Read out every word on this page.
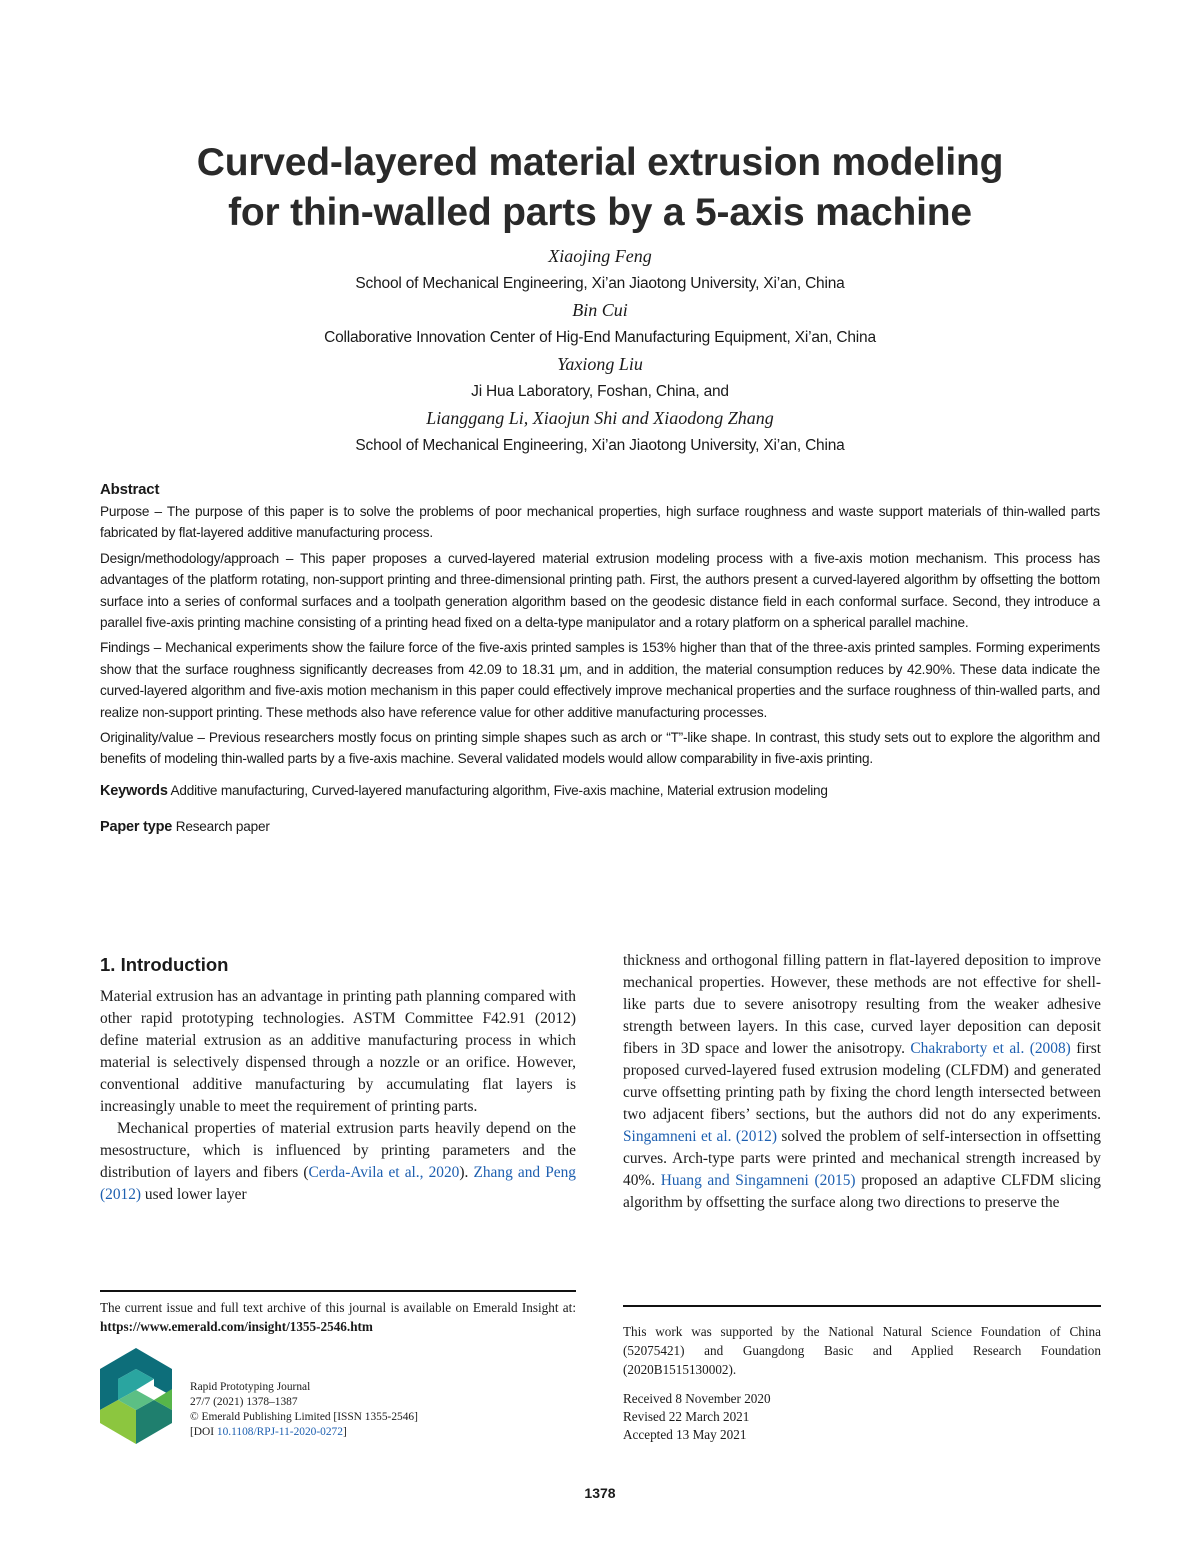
Curved-layered material extrusion modeling
for thin-walled parts by a 5-axis machine
Xiaojing Feng
School of Mechanical Engineering, Xi’an Jiaotong University, Xi’an, China
Bin Cui
Collaborative Innovation Center of Hig-End Manufacturing Equipment, Xi’an, China
Yaxiong Liu
Ji Hua Laboratory, Foshan, China, and
Lianggang Li, Xiaojun Shi and Xiaodong Zhang
School of Mechanical Engineering, Xi’an Jiaotong University, Xi’an, China
Abstract

Purpose – The purpose of this paper is to solve the problems of poor mechanical properties, high surface roughness and waste support materials of thin-walled parts fabricated by flat-layered additive manufacturing process.

Design/methodology/approach – This paper proposes a curved-layered material extrusion modeling process with a five-axis motion mechanism. This process has advantages of the platform rotating, non-support printing and three-dimensional printing path. First, the authors present a curved-layered algorithm by offsetting the bottom surface into a series of conformal surfaces and a toolpath generation algorithm based on the geodesic distance field in each conformal surface. Second, they introduce a parallel five-axis printing machine consisting of a printing head fixed on a delta-type manipulator and a rotary platform on a spherical parallel machine.

Findings – Mechanical experiments show the failure force of the five-axis printed samples is 153% higher than that of the three-axis printed samples. Forming experiments show that the surface roughness significantly decreases from 42.09 to 18.31 μm, and in addition, the material consumption reduces by 42.90%. These data indicate the curved-layered algorithm and five-axis motion mechanism in this paper could effectively improve mechanical properties and the surface roughness of thin-walled parts, and realize non-support printing. These methods also have reference value for other additive manufacturing processes.

Originality/value – Previous researchers mostly focus on printing simple shapes such as arch or “T”-like shape. In contrast, this study sets out to explore the algorithm and benefits of modeling thin-walled parts by a five-axis machine. Several validated models would allow comparability in five-axis printing.

Keywords Additive manufacturing, Curved-layered manufacturing algorithm, Five-axis machine, Material extrusion modeling

Paper type Research paper

1. Introduction

Material extrusion has an advantage in printing path planning compared with other rapid prototyping technologies. ASTM Committee F42.91 (2012) define material extrusion as an additive manufacturing process in which material is selectively dispensed through a nozzle or an orifice. However, conventional additive manufacturing by accumulating flat layers is increasingly unable to meet the requirement of printing parts.

Mechanical properties of material extrusion parts heavily depend on the mesostructure, which is influenced by printing parameters and the distribution of layers and fibers (Cerda-Avila et al., 2020). Zhang and Peng (2012) used lower layer

thickness and orthogonal filling pattern in flat-layered deposition to improve mechanical properties. However, these methods are not effective for shell-like parts due to severe anisotropy resulting from the weaker adhesive strength between layers. In this case, curved layer deposition can deposit fibers in 3D space and lower the anisotropy. Chakraborty et al. (2008) first proposed curved-layered fused extrusion modeling (CLFDM) and generated curve offsetting printing path by fixing the chord length intersected between two adjacent fibers’ sections, but the authors did not do any experiments. Singamneni et al. (2012) solved the problem of self-intersection in offsetting curves. Arch-type parts were printed and mechanical strength increased by 40%. Huang and Singamneni (2015) proposed an adaptive CLFDM slicing algorithm by offsetting the surface along two directions to preserve the

The current issue and full text archive of this journal is available on Emerald Insight at: https://www.emerald.com/insight/1355-2546.htm	This work was supported by the National Natural Science Foundation of China (52075421) and Guangdong Basic and Applied Research Foundation (2020B1515130002).
Rapid Prototyping Journal
27/7 (2021) 1378–1387
© Emerald Publishing Limited [ISSN 1355-2546]
[DOI 10.1108/RPJ-11-2020-0272]
Received 8 November 2020
Revised 22 March 2021
Accepted 13 May 2021
1378
